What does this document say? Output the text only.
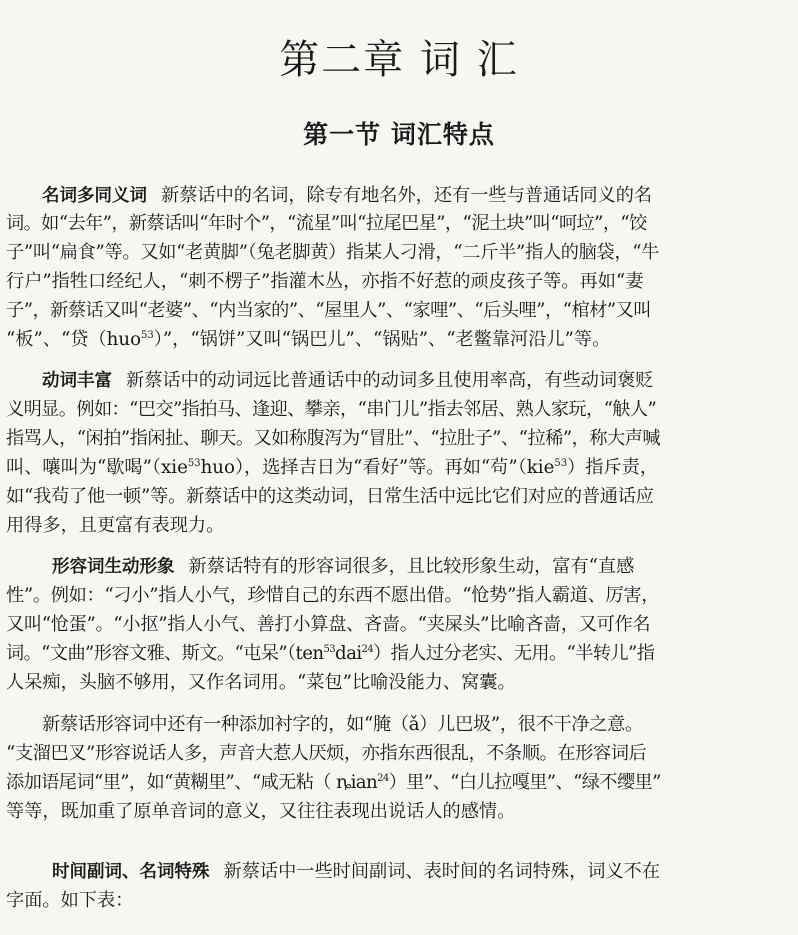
第二章 词 汇
第一节 词汇特点
名词多同义词 新蔡话中的名词，除专有地名外，还有一些与普通话同义的名
词。如“去年”，新蔡话叫“年时个”，“流星”叫“拉尾巴星”，“泥土块”叫“呵垃”，“饺
子”叫“扁食”等。又如“老黄脚”（兔老脚黄）指某人刁滑，“二斤半”指人的脑袋，“牛
行户”指牲口经纪人，“刺不楞子”指灌木丛，亦指不好惹的顽皮孩子等。再如“妻
子”，新蔡话又叫“老婆”、“内当家的”、“屋里人”、“家哩”、“后头哩”，“棺材”又叫
“板”、“贷（huo$^{53}$）”，“锅饼”又叫“锅巴儿”、“锅贴”、“老鳖靠河沿儿”等。
动词丰富 新蔡话中的动词远比普通话中的动词多且使用率高，有些动词褒贬
义明显。例如：“巴交”指拍马、逢迎、攀亲，“串门儿”指去邻居、熟人家玩，“觖人”
指骂人，“闲拍”指闲扯、聊天。又如称腹泻为“冒肚”、“拉肚子”、“拉稀”，称大声喊
叫、嚷叫为“歇喝”（xie$^{53}$huo），选择吉日为“看好”等。再如“茍”（kie$^{53}$）指斥责，
如“我茍了他一顿”等。新蔡话中的这类动词，日常生活中远比它们对应的普通话应
用得多，且更富有表现力。
形容词生动形象 新蔡话特有的形容词很多，且比较形象生动，富有“直感
性”。例如：“刁小”指人小气，珍惜自己的东西不愿出借。“怆势”指人霸道、厉害，
又叫“怆蛋”。“小抠”指人小气、善打小算盘、吝啬。“夹屎头”比喻吝啬，又可作名
词。“文曲”形容文雅、斯文。“屯呆”（ten$^{53}$dai$^{24}$）指人过分老实、无用。“半转儿”指
人呆痴，头脑不够用，又作名词用。“菜包”比喻没能力、窝囊。
新蔡话形容词中还有一种添加衬字的，如“腌（ǎ）儿巴圾”，很不干净之意。
“支溜巴叉”形容说话人多，声音大惹人厌烦，亦指东西很乱，不条顺。在形容词后
添加语尾词“里”，如“黄糊里”、“咸无粘（ ȵian$^{24}$）里”、“白儿拉嘎里”、“绿不缨里”
等等，既加重了原单音词的意义，又往往表现出说话人的感情。
时间副词、名词特殊 新蔡话中一些时间副词、表时间的名词特殊，词义不在
字面。如下表：
